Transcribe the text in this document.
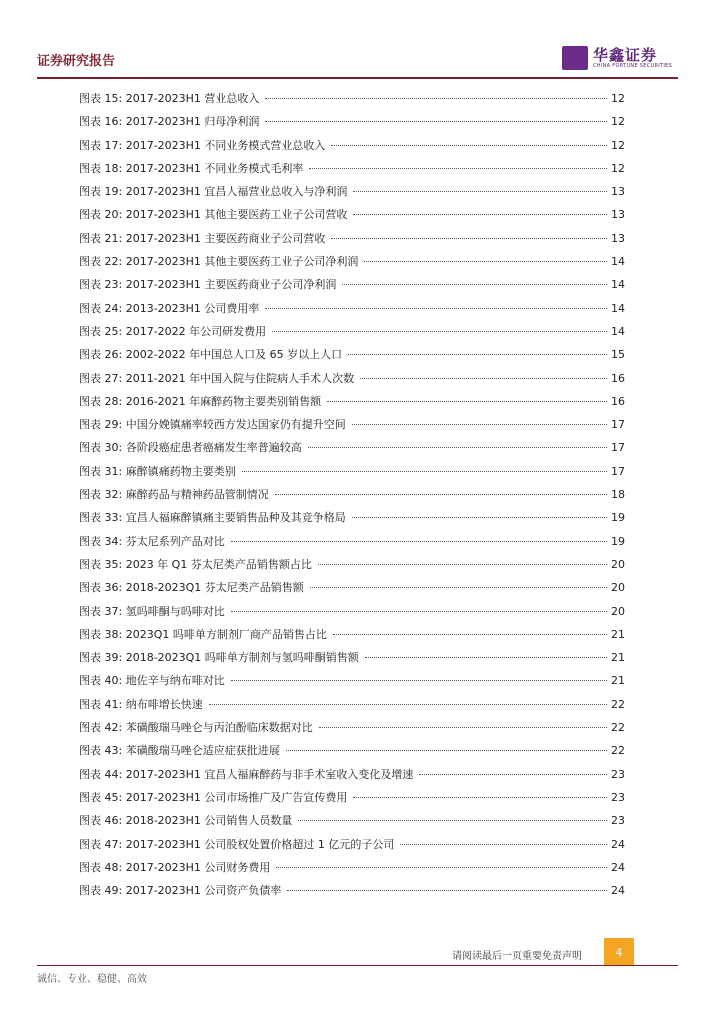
证券研究报告	华鑫证券
CHINA FORTUNE SECURITIES
图表 15: 2017-2023H1 营业总收入	12
图表 16: 2017-2023H1 归母净利润	12
图表 17: 2017-2023H1 不同业务模式营业总收入	12
图表 18: 2017-2023H1 不同业务模式毛利率	12
图表 19: 2017-2023H1 宜昌人福营业总收入与净利润	13
图表 20: 2017-2023H1 其他主要医药工业子公司营收	13
图表 21: 2017-2023H1 主要医药商业子公司营收	13
图表 22: 2017-2023H1 其他主要医药工业子公司净利润	14
图表 23: 2017-2023H1 主要医药商业子公司净利润	14
图表 24: 2013-2023H1 公司费用率	14
图表 25: 2017-2022 年公司研发费用	14
图表 26: 2002-2022 年中国总人口及 65 岁以上人口	15
图表 27: 2011-2021 年中国入院与住院病人手术人次数	16
图表 28: 2016-2021 年麻醉药物主要类别销售额	16
图表 29: 中国分娩镇痛率较西方发达国家仍有提升空间	17
图表 30: 各阶段癌症患者癌痛发生率普遍较高	17
图表 31: 麻醉镇痛药物主要类别	17
图表 32: 麻醉药品与精神药品管制情况	18
图表 33: 宜昌人福麻醉镇痛主要销售品种及其竞争格局	19
图表 34: 芬太尼系列产品对比	19
图表 35: 2023 年 Q1 芬太尼类产品销售额占比	20
图表 36: 2018-2023Q1 芬太尼类产品销售额	20
图表 37: 氢吗啡酮与吗啡对比	20
图表 38: 2023Q1 吗啡单方制剂厂商产品销售占比	21
图表 39: 2018-2023Q1 吗啡单方制剂与氢吗啡酮销售额	21
图表 40: 地佐辛与纳布啡对比	21
图表 41: 纳布啡增长快速	22
图表 42: 苯磺酸瑞马唑仑与丙泊酚临床数据对比	22
图表 43: 苯磺酸瑞马唑仑适应症获批进展	22
图表 44: 2017-2023H1 宜昌人福麻醉药与非手术室收入变化及增速	23
图表 45: 2017-2023H1 公司市场推广及广告宣传费用	23
图表 46: 2018-2023H1 公司销售人员数量	23
图表 47: 2017-2023H1 公司股权处置价格超过 1 亿元的子公司	24
图表 48: 2017-2023H1 公司财务费用	24
图表 49: 2017-2023H1 公司资产负债率	24
请阅读最后一页重要免责声明	4
诚信、专业、稳健、高效
